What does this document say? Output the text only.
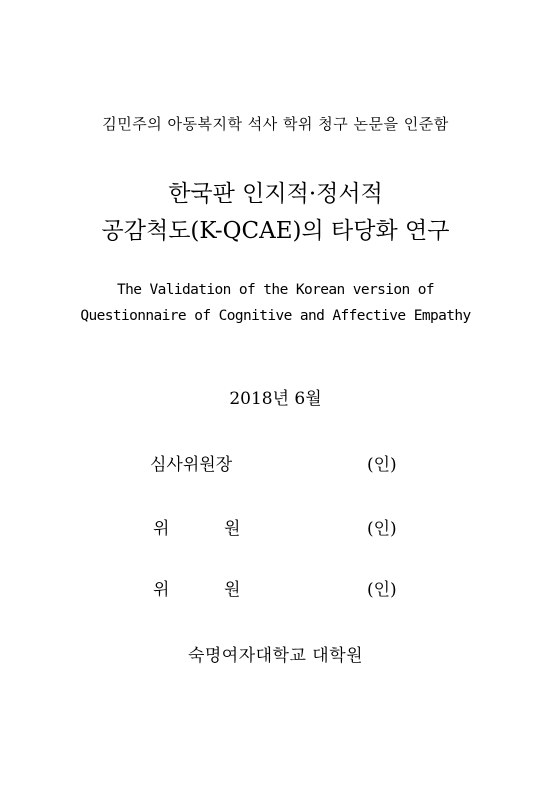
김민주의 아동복지학 석사 학위 청구 논문을 인준함
한국판 인지적·정서적
공감척도(K-QCAE)의 타당화 연구
The Validation of the Korean version of
Questionnaire of Cognitive and Affective Empathy
2018년 6월
심사위원장	(인)
위	원	(인)
위	원	(인)
숙명여자대학교 대학원
